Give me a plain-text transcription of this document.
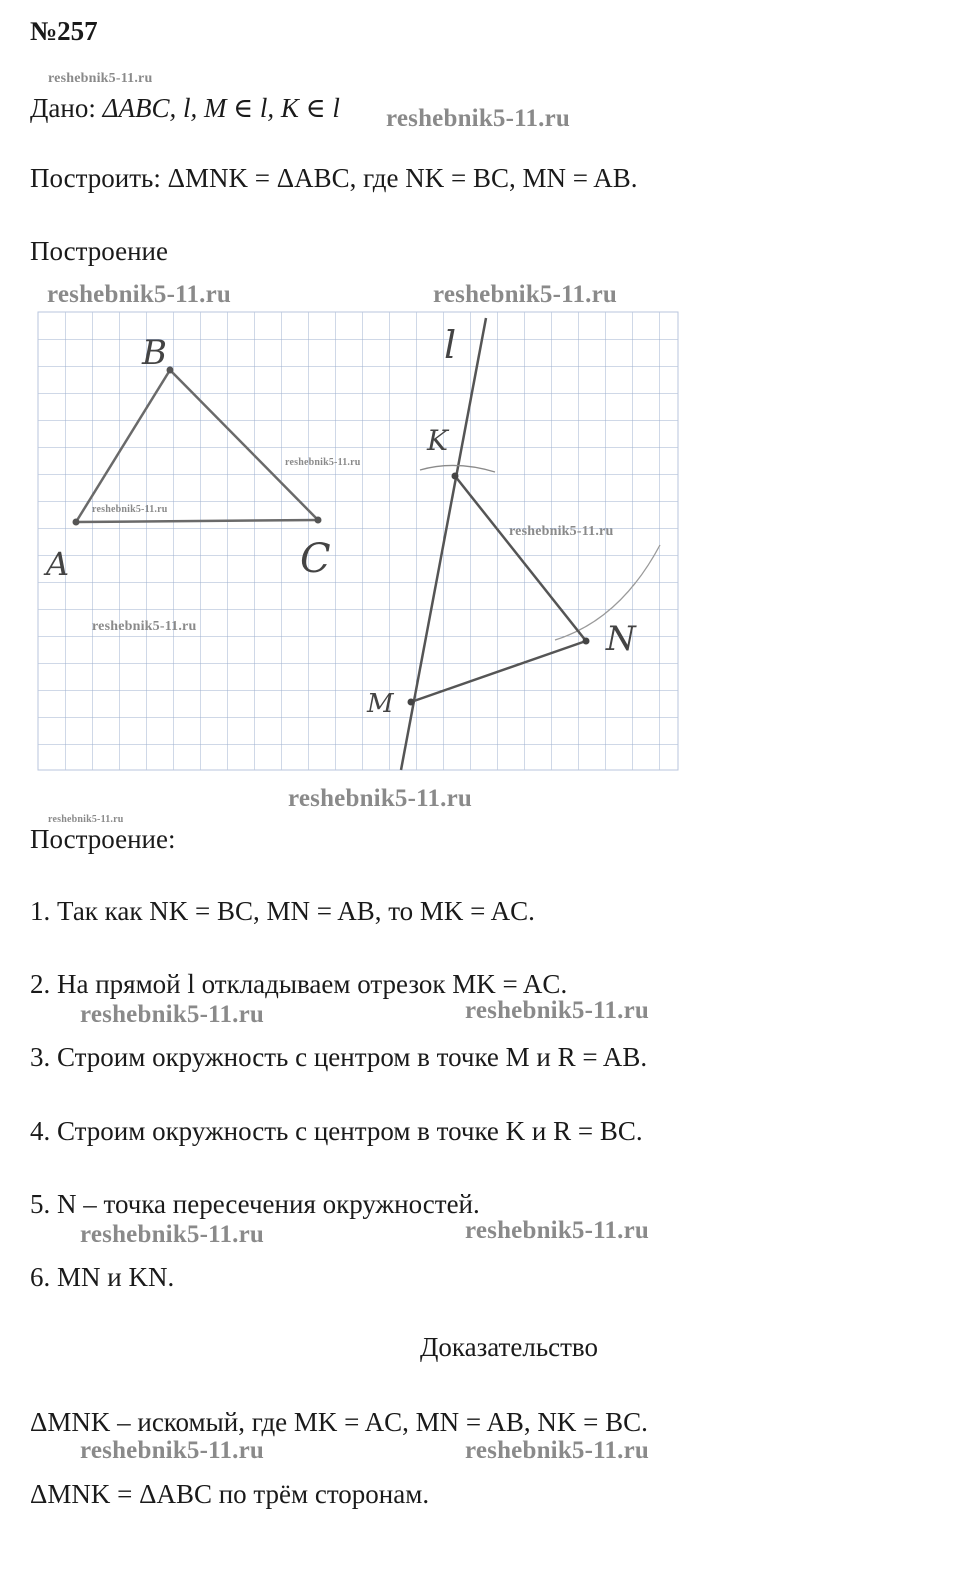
№257
reshebnik5-11.ru
Дано: ΔABC, l, M ∈ l, K ∈ l reshebnik5-11.ru
Построить: ΔMNK = ΔABC, где NK = BC, MN = AB.
Построение
reshebnik5-11.ru	reshebnik5-11.ru
B
A	C
l
K
N
M
reshebnik5-11.ru
reshebnik5-11.ru
reshebnik5-11.ru
reshebnik5-11.ru
reshebnik5-11.ru
reshebnik5-11.ru
Построение:
1. Так как NK = BC, MN = AB, то MK = AC.
2. На прямой l откладываем отрезок MK = AC.
reshebnik5-11.ru	reshebnik5-11.ru
3. Строим окружность с центром в точке M и R = AB.
4. Строим окружность с центром в точке K и R = BC.
5. N – точка пересечения окружностей.
reshebnik5-11.ru	reshebnik5-11.ru
6. MN и KN.
Доказательство
ΔMNK – искомый, где MK = AC, MN = AB, NK = BC.
reshebnik5-11.ru	reshebnik5-11.ru
ΔMNK = ΔABC по трём сторонам.
